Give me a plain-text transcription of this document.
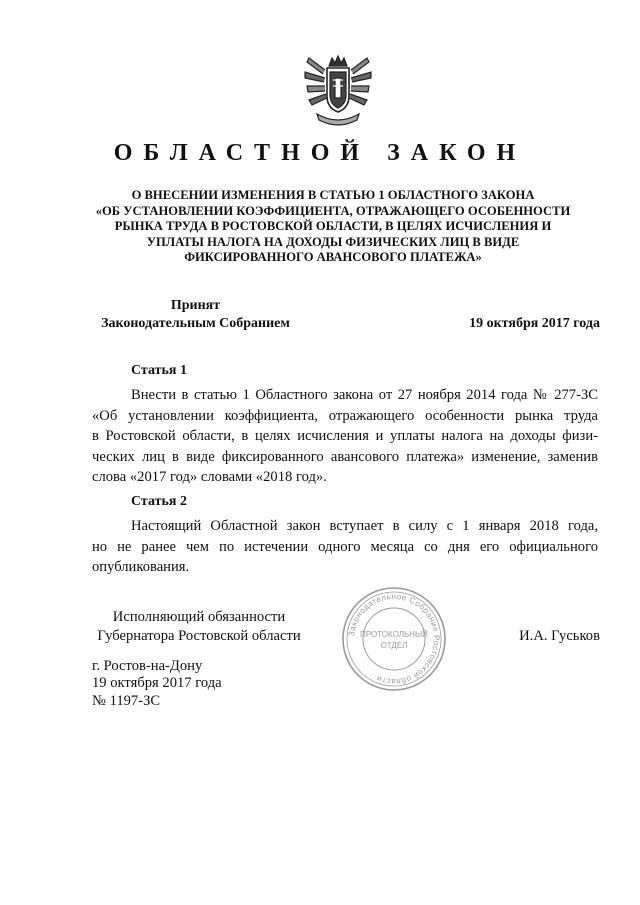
ОБЛАСТНОЙ ЗАКОН
О ВНЕСЕНИИ ИЗМЕНЕНИЯ В СТАТЬЮ 1 ОБЛАСТНОГО ЗАКОНА
«ОБ УСТАНОВЛЕНИИ КОЭФФИЦИЕНТА, ОТРАЖАЮЩЕГО ОСОБЕННОСТИ
РЫНКА ТРУДА В РОСТОВСКОЙ ОБЛАСТИ, В ЦЕЛЯХ ИСЧИСЛЕНИЯ И
УПЛАТЫ НАЛОГА НА ДОХОДЫ ФИЗИЧЕСКИХ ЛИЦ В ВИДЕ
ФИКСИРОВАННОГО АВАНСОВОГО ПЛАТЕЖА»
Принят
Законодательным Собранием	19 октября 2017 года
Статья 1
Внести в статью 1 Областного закона от 27 ноября 2014 года № 277-ЗС
«Об установлении коэффициента, отражающего особенности рынка труда
в Ростовской области, в целях исчисления и уплаты налога на доходы физи-
ческих лиц в виде фиксированного авансового платежа» изменение, заменив
слова «2017 год» словами «2018 год».
Статья 2
Настоящий Областной закон вступает в силу с 1 января 2018 года,
но не ранее чем по истечении одного месяца со дня его официального
опубликования.
Законодательное Собрание Ростовской области
ПРОТОКОЛЬНЫЙ
ОТДЕЛ
Исполняющий обязанности
Губернатора Ростовской области	И.А. Гуськов
г. Ростов-на-Дону
19 октября 2017 года
№ 1197-ЗС
